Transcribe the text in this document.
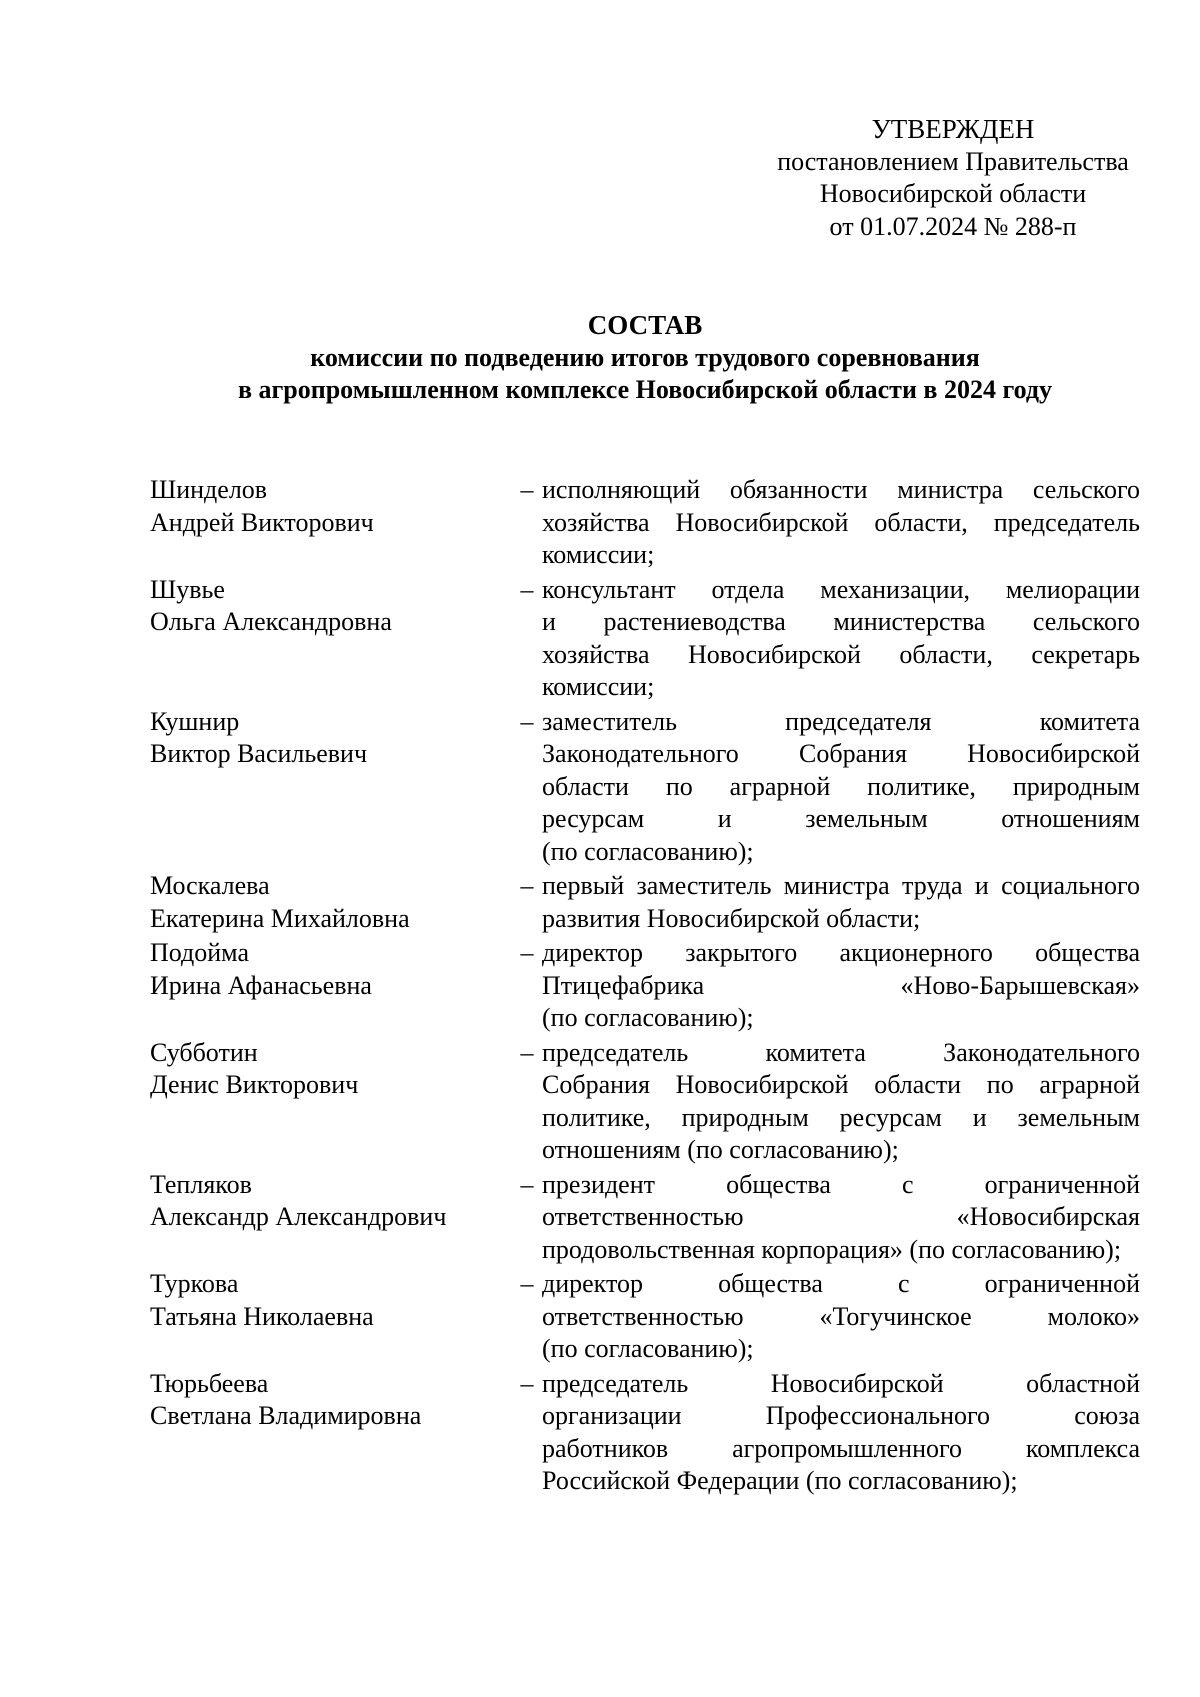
УТВЕРЖДЕН
постановлением Правительства
Новосибирской области
от 01.07.2024 № 288-п
СОСТАВ
комиссии по подведению итогов трудового соревнования
в агропромышленном комплексе Новосибирской области в 2024 году
Шинделов
Андрей Викторович
– исполняющий обязанности министра сельского
хозяйства Новосибирской области, председатель
комиссии;
Шувье
Ольга Александровна
– консультант отдела механизации, мелиорации
и растениеводства министерства сельского
хозяйства Новосибирской области, секретарь
комиссии;
Кушнир
Виктор Васильевич
– заместитель председателя комитета
Законодательного Собрания Новосибирской
области по аграрной политике, природным
ресурсам и земельным отношениям
(по согласованию);
Москалева
Екатерина Михайловна
– первый заместитель министра труда и социального
развития Новосибирской области;
Подойма
Ирина Афанасьевна
– директор закрытого акционерного общества
Птицефабрика «Ново-Барышевская»
(по согласованию);
Субботин
Денис Викторович
– председатель комитета Законодательного
Собрания Новосибирской области по аграрной
политике, природным ресурсам и земельным
отношениям (по согласованию);
Тепляков
Александр Александрович
– президент общества с ограниченной
ответственностью «Новосибирская
продовольственная корпорация» (по согласованию);
Туркова
Татьяна Николаевна
– директор общества с ограниченной
ответственностью «Тогучинское молоко»
(по согласованию);
Тюрьбеева
Светлана Владимировна
– председатель Новосибирской областной
организации Профессионального союза
работников агропромышленного комплекса
Российской Федерации (по согласованию);
